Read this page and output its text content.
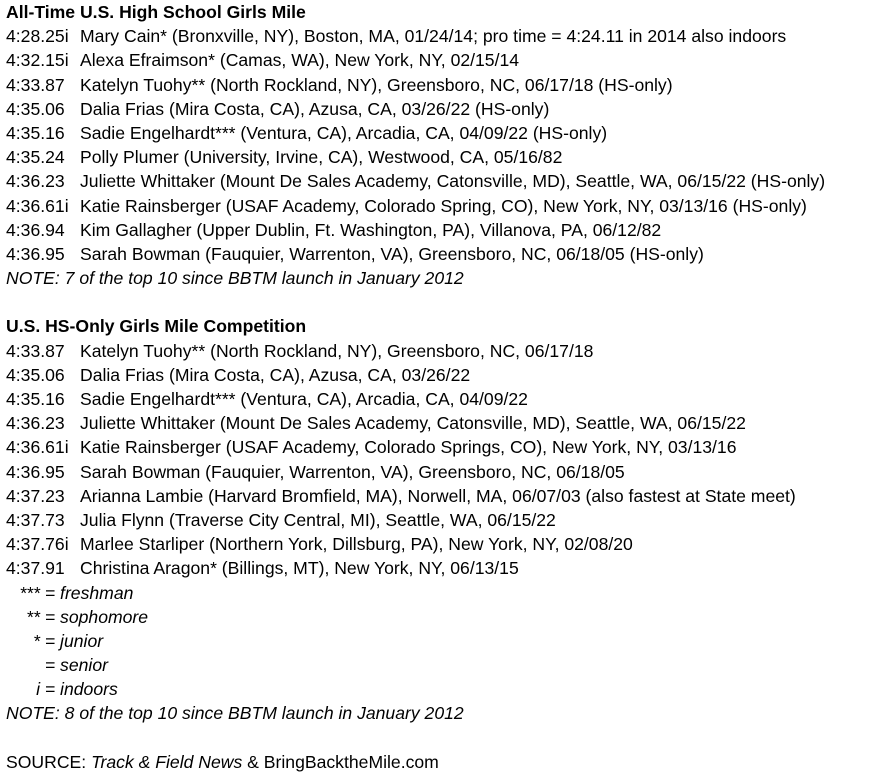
All-Time U.S. High School Girls Mile
4:28.25i Mary Cain* (Bronxville, NY), Boston, MA, 01/24/14; pro time = 4:24.11 in 2014 also indoors
4:32.15i Alexa Efraimson* (Camas, WA), New York, NY, 02/15/14
4:33.87 Katelyn Tuohy** (North Rockland, NY), Greensboro, NC, 06/17/18 (HS-only)
4:35.06 Dalia Frias (Mira Costa, CA), Azusa, CA, 03/26/22 (HS-only)
4:35.16 Sadie Engelhardt*** (Ventura, CA), Arcadia, CA, 04/09/22 (HS-only)
4:35.24 Polly Plumer (University, Irvine, CA), Westwood, CA, 05/16/82
4:36.23 Juliette Whittaker (Mount De Sales Academy, Catonsville, MD), Seattle, WA, 06/15/22 (HS-only)
4:36.61i Katie Rainsberger (USAF Academy, Colorado Spring, CO), New York, NY, 03/13/16 (HS-only)
4:36.94 Kim Gallagher (Upper Dublin, Ft. Washington, PA), Villanova, PA, 06/12/82
4:36.95 Sarah Bowman (Fauquier, Warrenton, VA), Greensboro, NC, 06/18/05 (HS-only)
NOTE: 7 of the top 10 since BBTM launch in January 2012
U.S. HS-Only Girls Mile Competition
4:33.87 Katelyn Tuohy** (North Rockland, NY), Greensboro, NC, 06/17/18
4:35.06 Dalia Frias (Mira Costa, CA), Azusa, CA, 03/26/22
4:35.16 Sadie Engelhardt*** (Ventura, CA), Arcadia, CA, 04/09/22
4:36.23 Juliette Whittaker (Mount De Sales Academy, Catonsville, MD), Seattle, WA, 06/15/22
4:36.61i Katie Rainsberger (USAF Academy, Colorado Springs, CO), New York, NY, 03/13/16
4:36.95 Sarah Bowman (Fauquier, Warrenton, VA), Greensboro, NC, 06/18/05
4:37.23 Arianna Lambie (Harvard Bromfield, MA), Norwell, MA, 06/07/03 (also fastest at State meet)
4:37.73 Julia Flynn (Traverse City Central, MI), Seattle, WA, 06/15/22
4:37.76i Marlee Starliper (Northern York, Dillsburg, PA), New York, NY, 02/08/20
4:37.91 Christina Aragon* (Billings, MT), New York, NY, 06/13/15
*** = freshman
** = sophomore
* = junior
= senior
i = indoors
NOTE: 8 of the top 10 since BBTM launch in January 2012
SOURCE: Track & Field News & BringBacktheMile.com
